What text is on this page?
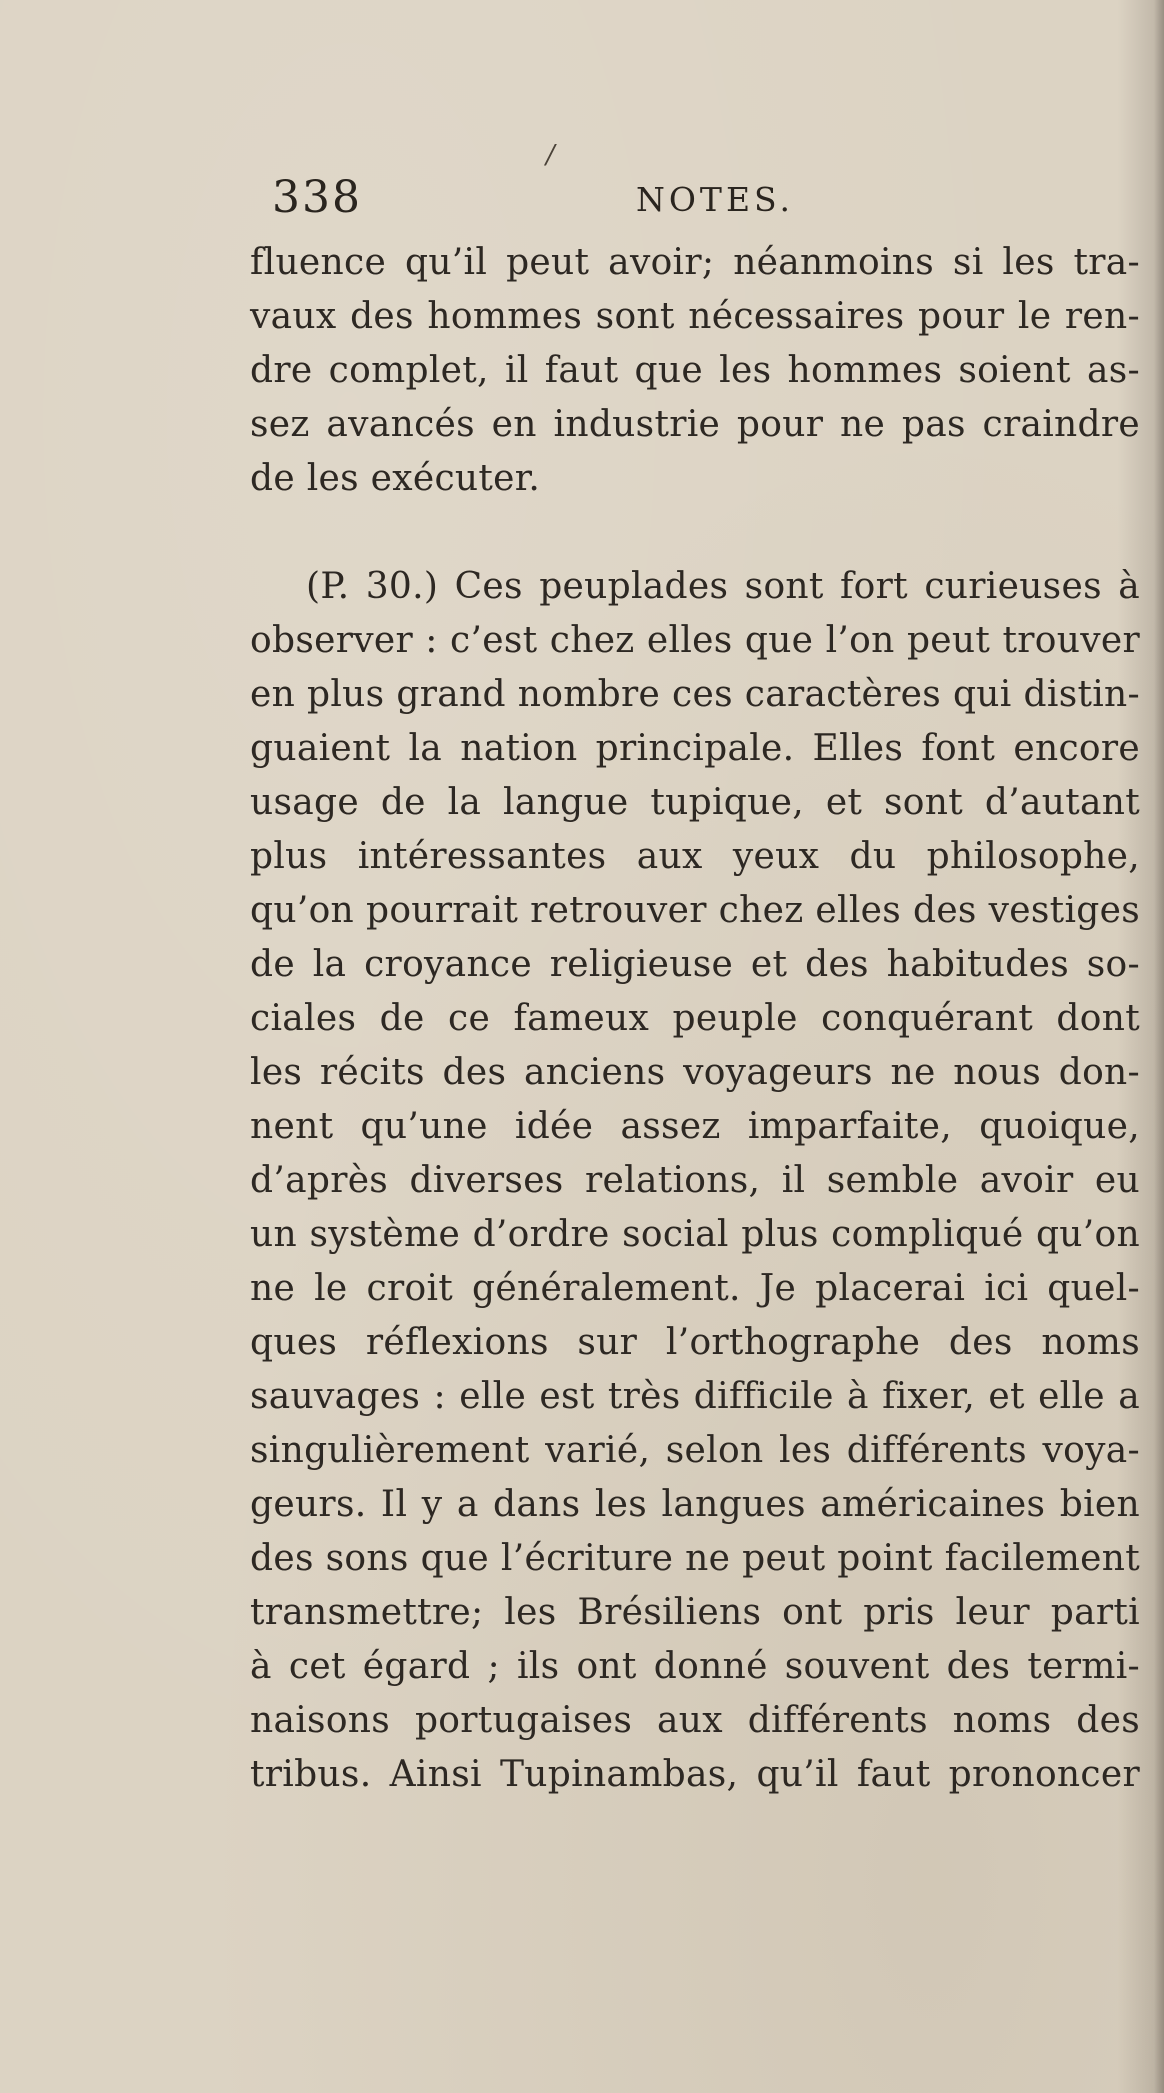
/
338	NOTES.
fluence qu’il peut avoir; néanmoins si les tra-
vaux des hommes sont nécessaires pour le ren-
dre complet, il faut que les hommes soient as-
sez avancés en industrie pour ne pas craindre
de les exécuter.
(P. 30.) Ces peuplades sont fort curieuses à
observer : c’est chez elles que l’on peut trouver
en plus grand nombre ces caractères qui distin-
guaient la nation principale. Elles font encore
usage de la langue tupique, et sont d’autant
plus intéressantes aux yeux du philosophe,
qu’on pourrait retrouver chez elles des vestiges
de la croyance religieuse et des habitudes so-
ciales de ce fameux peuple conquérant dont
les récits des anciens voyageurs ne nous don-
nent qu’une idée assez imparfaite, quoique,
d’après diverses relations, il semble avoir eu
un système d’ordre social plus compliqué qu’on
ne le croit généralement. Je placerai ici quel-
ques réflexions sur l’orthographe des noms
sauvages : elle est très difficile à fixer, et elle a
singulièrement varié, selon les différents voya-
geurs. Il y a dans les langues américaines bien
des sons que l’écriture ne peut point facilement
transmettre; les Brésiliens ont pris leur parti
à cet égard ; ils ont donné souvent des termi-
naisons portugaises aux différents noms des
tribus. Ainsi Tupinambas, qu’il faut prononcer
